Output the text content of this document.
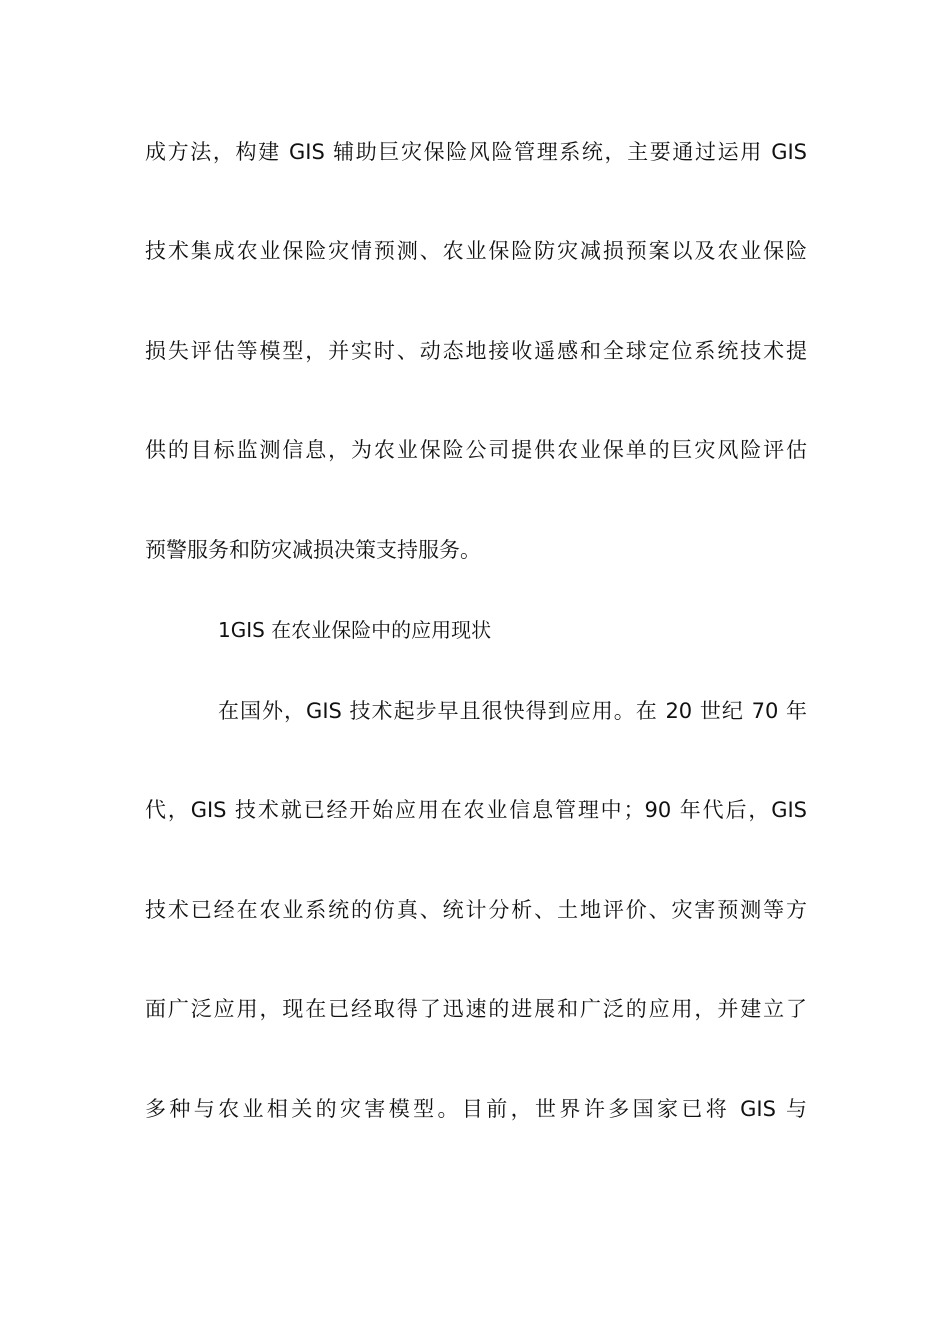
成方法，构建 GIS 辅助巨灾保险风险管理系统，主要通过运用 GIS
技术集成农业保险灾情预测、农业保险防灾减损预案以及农业保险
损失评估等模型，并实时、动态地接收遥感和全球定位系统技术提
供的目标监测信息，为农业保险公司提供农业保单的巨灾风险评估
预警服务和防灾减损决策支持服务。
1GIS 在农业保险中的应用现状
在国外，GIS 技术起步早且很快得到应用。在 20 世纪 70 年
代，GIS 技术就已经开始应用在农业信息管理中；90 年代后，GIS
技术已经在农业系统的仿真、统计分析、土地评价、灾害预测等方
面广泛应用，现在已经取得了迅速的进展和广泛的应用，并建立了
多种与农业相关的灾害模型。目前，世界许多国家已将 GIS 与
